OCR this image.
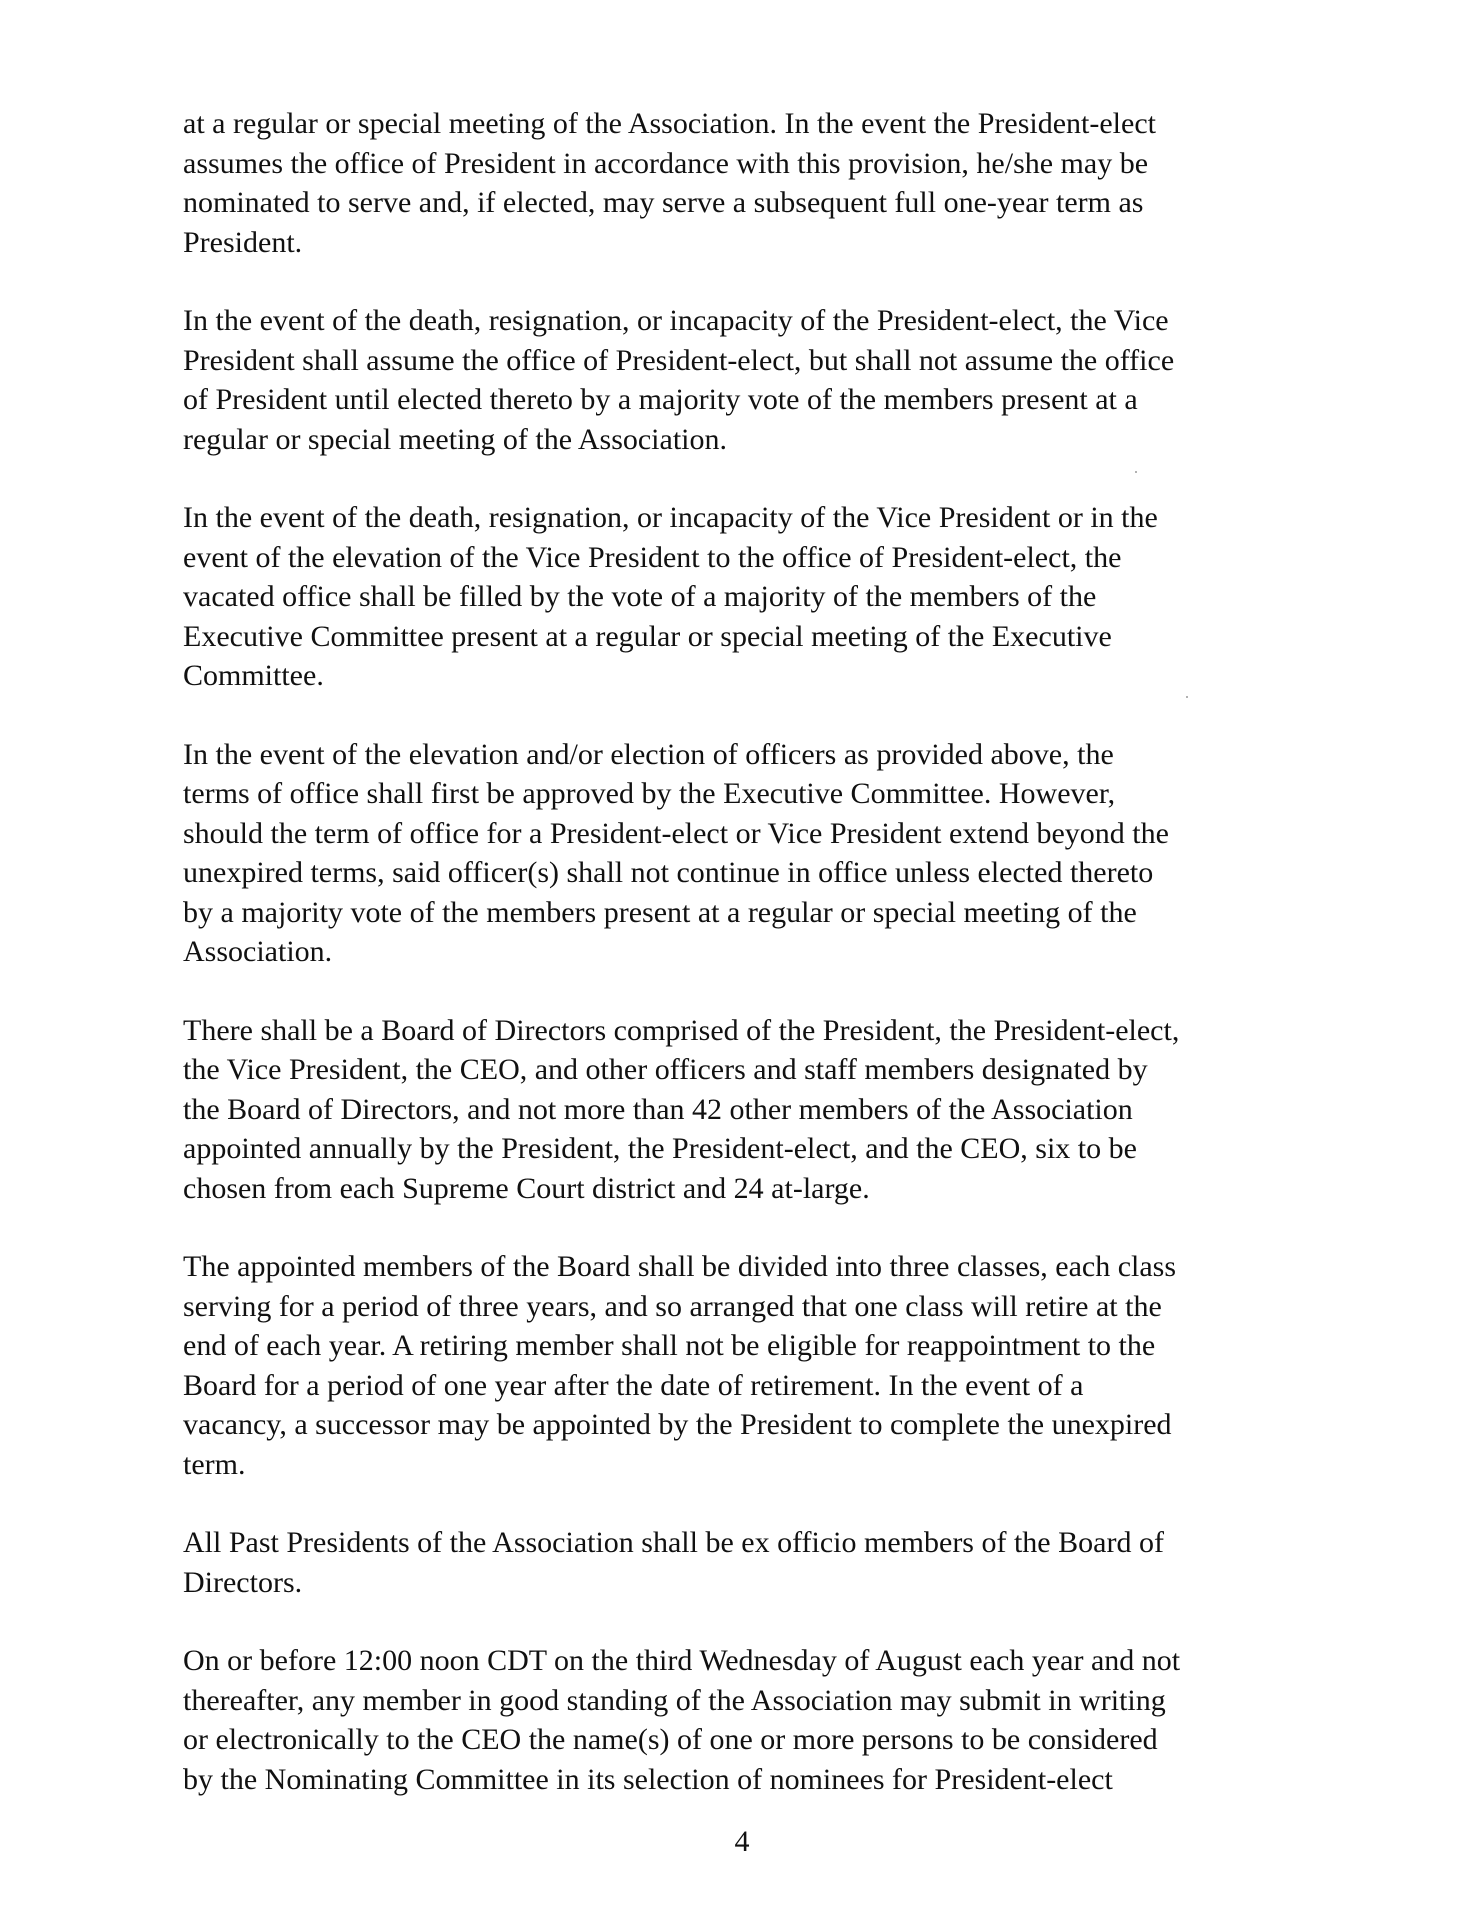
at a regular or special meeting of the Association. In the event the President-elect
assumes the office of President in accordance with this provision, he/she may be
nominated to serve and, if elected, may serve a subsequent full one-year term as
President.

In the event of the death, resignation, or incapacity of the President-elect, the Vice
President shall assume the office of President-elect, but shall not assume the office
of President until elected thereto by a majority vote of the members present at a
regular or special meeting of the Association.

In the event of the death, resignation, or incapacity of the Vice President or in the
event of the elevation of the Vice President to the office of President-elect, the
vacated office shall be filled by the vote of a majority of the members of the
Executive Committee present at a regular or special meeting of the Executive
Committee.

In the event of the elevation and/or election of officers as provided above, the
terms of office shall first be approved by the Executive Committee. However,
should the term of office for a President-elect or Vice President extend beyond the
unexpired terms, said officer(s) shall not continue in office unless elected thereto
by a majority vote of the members present at a regular or special meeting of the
Association.

There shall be a Board of Directors comprised of the President, the President-elect,
the Vice President, the CEO, and other officers and staff members designated by
the Board of Directors, and not more than 42 other members of the Association
appointed annually by the President, the President-elect, and the CEO, six to be
chosen from each Supreme Court district and 24 at-large.

The appointed members of the Board shall be divided into three classes, each class
serving for a period of three years, and so arranged that one class will retire at the
end of each year. A retiring member shall not be eligible for reappointment to the
Board for a period of one year after the date of retirement. In the event of a
vacancy, a successor may be appointed by the President to complete the unexpired
term.

All Past Presidents of the Association shall be ex officio members of the Board of
Directors.

On or before 12:00 noon CDT on the third Wednesday of August each year and not
thereafter, any member in good standing of the Association may submit in writing
or electronically to the CEO the name(s) of one or more persons to be considered
by the Nominating Committee in its selection of nominees for President-elect

4
